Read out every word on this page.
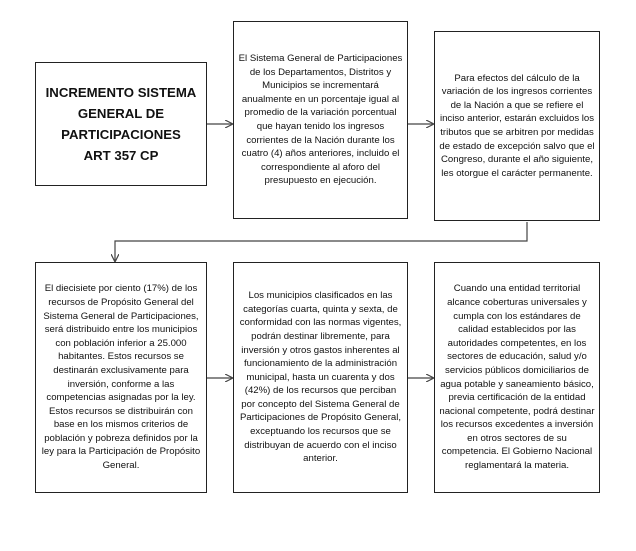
INCREMENTO SISTEMA
GENERAL DE
PARTICIPACIONES
ART 357 CP

El Sistema General de Participaciones de los Departamentos, Distritos y Municipios se incrementará anualmente en un porcentaje igual al promedio de la variación porcentual que hayan tenido los ingresos corrientes de la Nación durante los cuatro (4) años anteriores, incluido el correspondiente al aforo del presupuesto en ejecución.

Para efectos del cálculo de la variación de los ingresos corrientes de la Nación a que se refiere el inciso anterior, estarán excluidos los tributos que se arbitren por medidas de estado de excepción salvo que el Congreso, durante el año siguiente, les otorgue el carácter permanente.

El diecisiete por ciento (17%) de los recursos de Propósito General del Sistema General de Participaciones, será distribuido entre los municipios con población inferior a 25.000 habitantes. Estos recursos se destinarán exclusivamente para inversión, conforme a las competencias asignadas por la ley. Estos recursos se distribuirán con base en los mismos criterios de población y pobreza definidos por la ley para la Participación de Propósito General.

Los municipios clasificados en las categorías cuarta, quinta y sexta, de conformidad con las normas vigentes, podrán destinar libremente, para inversión y otros gastos inherentes al funcionamiento de la administración municipal, hasta un cuarenta y dos (42%) de los recursos que perciban por concepto del Sistema General de Participaciones de Propósito General, exceptuando los recursos que se distribuyan de acuerdo con el inciso anterior.

Cuando una entidad territorial alcance coberturas universales y cumpla con los estándares de calidad establecidos por las autoridades competentes, en los sectores de educación, salud y/o servicios públicos domiciliarios de agua potable y saneamiento básico, previa certificación de la entidad nacional competente, podrá destinar los recursos excedentes a inversión en otros sectores de su competencia. El Gobierno Nacional reglamentará la materia.
